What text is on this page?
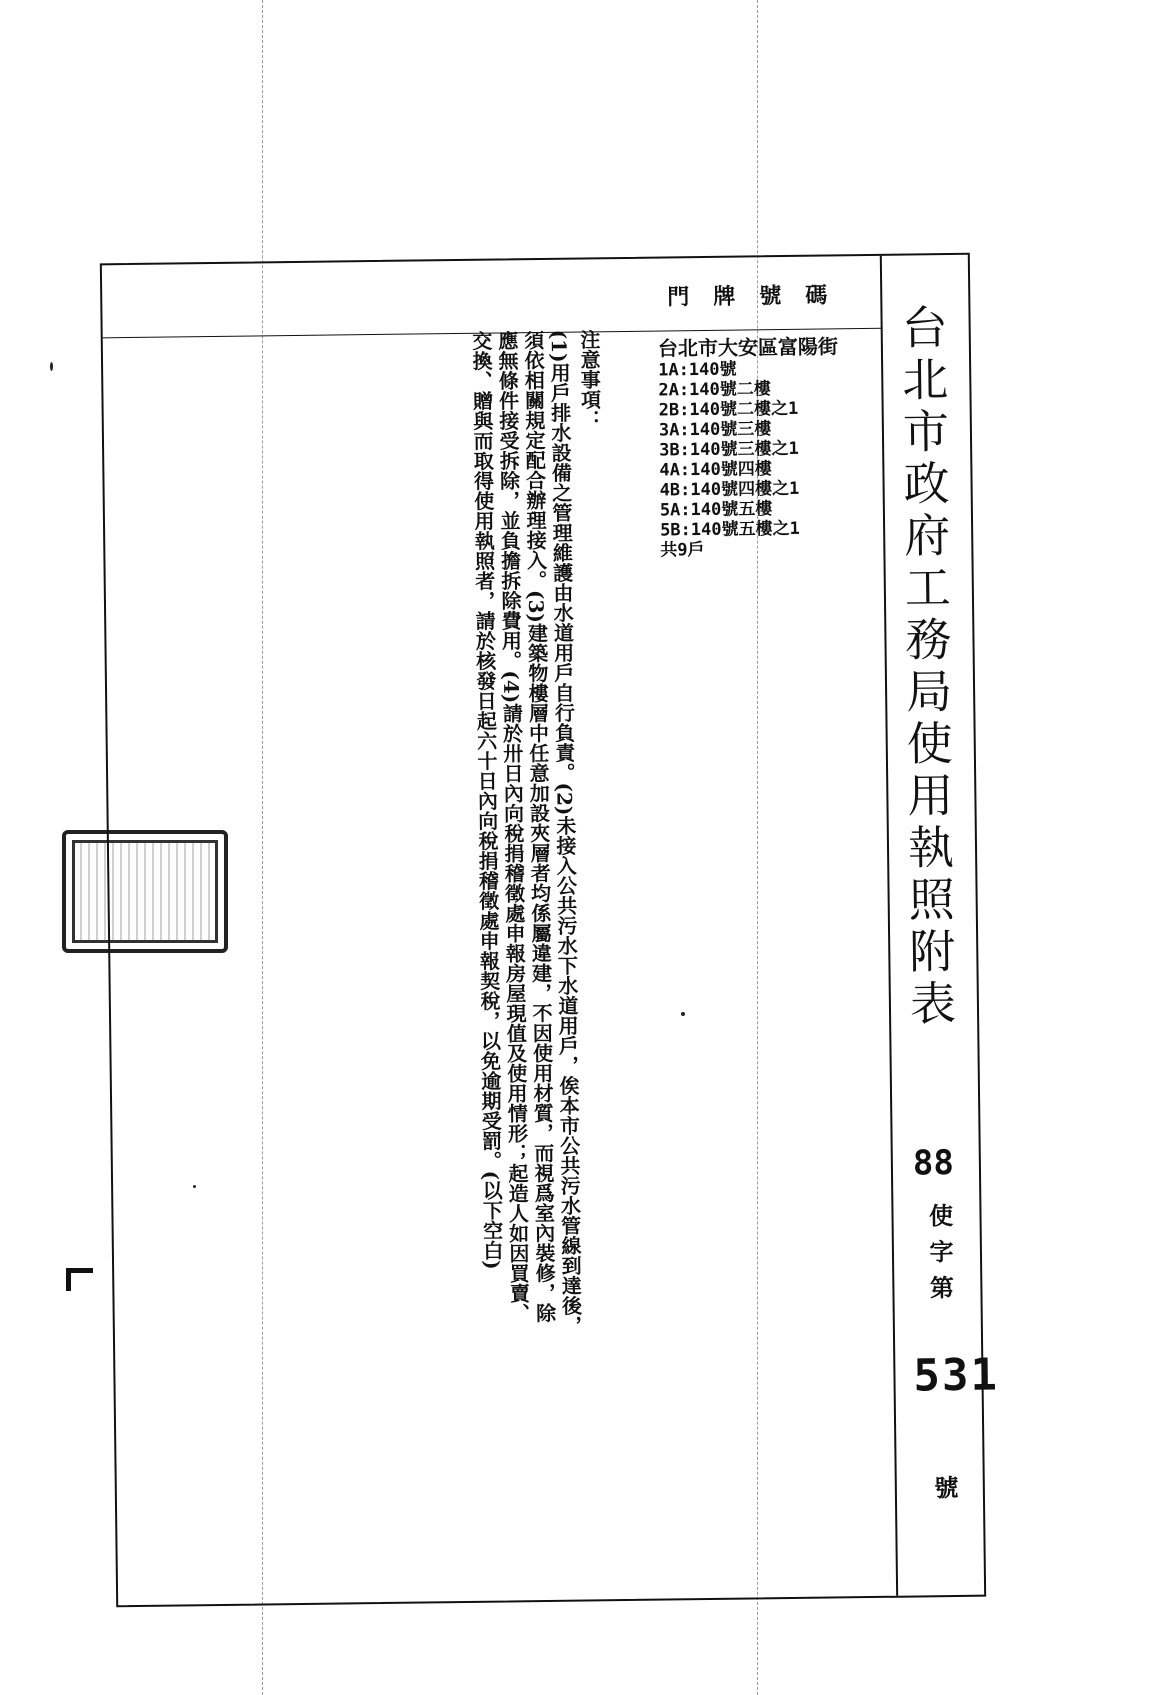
門牌號碼
台北市大安區富陽街
1A:140號
2A:140號二樓
2B:140號二樓之1
3A:140號三樓
3B:140號三樓之1
4A:140號四樓
4B:140號四樓之1
5A:140號五樓
5B:140號五樓之1
共9戶
注意事項：
(1)用戶排水設備之管理維護由水道用戶自行負責。(2)未接入公共污水下水道用戶，俟本市公共污水管線到達後，
須依相關規定配合辦理接入。(3)建築物樓層中任意加設夾層者均係屬違建，不因使用材質，而視爲室內裝修，除
應無條件接受拆除，並負擔拆除費用。(4)請於卅日內向稅捐稽徵處申報房屋現值及使用情形；起造人如因買賣、
交換、贈與而取得使用執照者，請於核發日起六十日內向稅捐稽徵處申報契稅，以免逾期受罰。(以下空白)	台北市政府工務局使用執照附表
88
使字第
531
號
